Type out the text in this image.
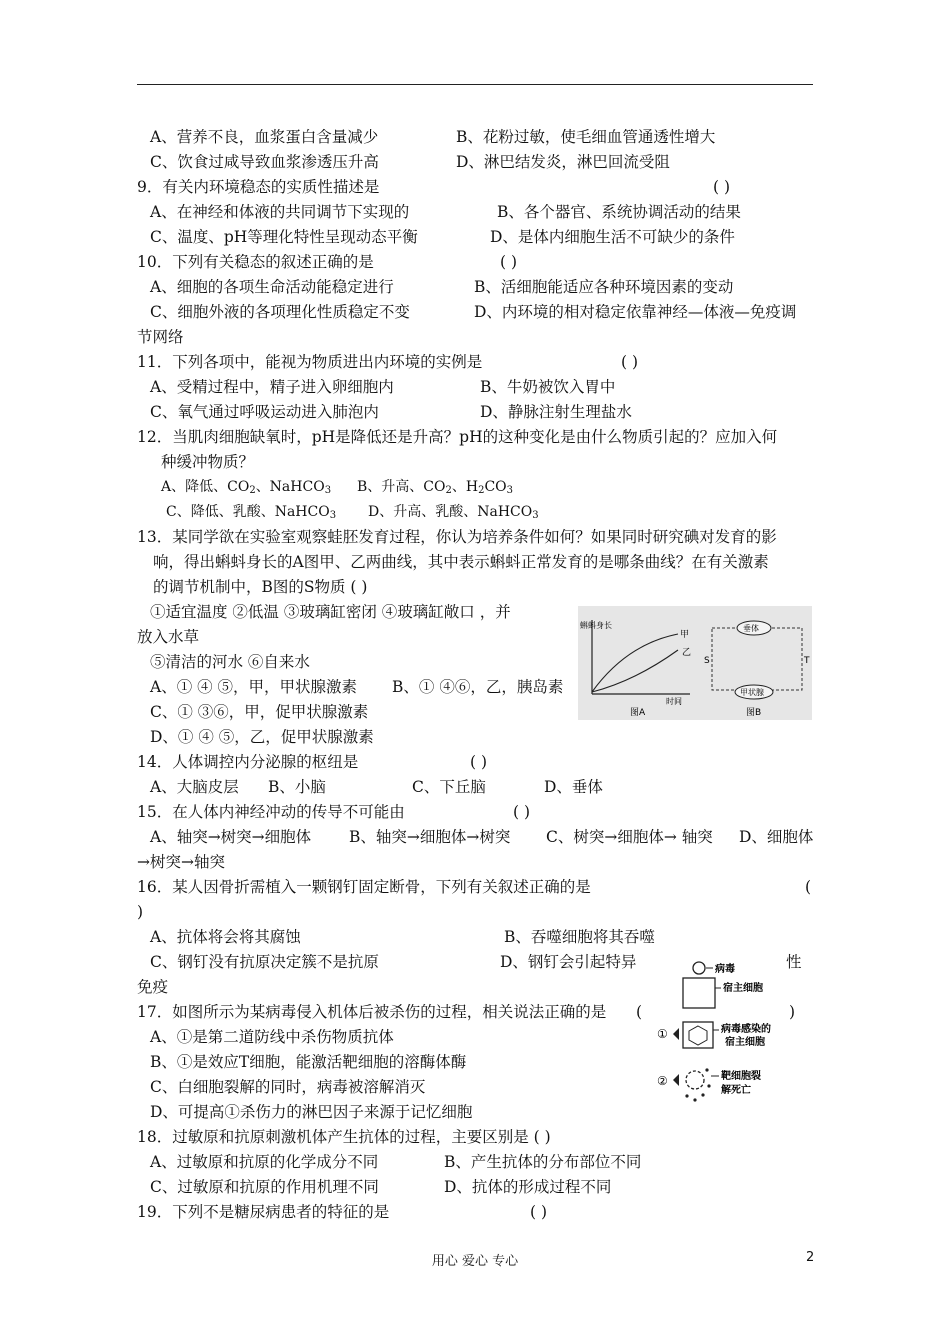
A、营养不良，血浆蛋白含量减少	B、花粉过敏，使毛细血管通透性增大
C、饮食过咸导致血浆渗透压升高	D、淋巴结发炎，淋巴回流受阻
9．有关内环境稳态的实质性描述是	( )
A、在神经和体液的共同调节下实现的	B、各个器官、系统协调活动的结果
C、温度、pH等理化特性呈现动态平衡	D、是体内细胞生活不可缺少的条件
10．下列有关稳态的叙述正确的是	( )
A、细胞的各项生命活动能稳定进行	B、活细胞能适应各种环境因素的变动
C、细胞外液的各项理化性质稳定不变	D、内环境的相对稳定依靠神经—体液—免疫调
节网络
11．下列各项中，能视为物质进出内环境的实例是	( )
A、受精过程中，精子进入卵细胞内	B、牛奶被饮入胃中
C、氧气通过呼吸运动进入肺泡内	D、静脉注射生理盐水
12．当肌肉细胞缺氧时，pH是降低还是升高？pH的这种变化是由什么物质引起的？应加入何
种缓冲物质？
A、降低、$CO_2$、NaHCO$_3$ B、升高、$CO_2$、$H_2CO_3$
C、降低、乳酸、NaHCO$_3$ D、升高、乳酸、NaHCO$_3$
13．某同学欲在实验室观察蛙胚发育过程，你认为培养条件如何？如果同时研究碘对发育的影
响，得出蝌蚪身长的A图甲、乙两曲线，其中表示蝌蚪正常发育的是哪条曲线？在有关激素
的调节机制中，B图的S物质 ( )
①适宜温度 ②低温 ③玻璃缸密闭 ④玻璃缸敞口 ，并
放入水草
⑤清洁的河水 ⑥自来水
A、① ④ ⑤，甲，甲状腺激素 B、① ④⑥，乙，胰岛素
C、① ③⑥，甲，促甲状腺激素
D、① ④ ⑤，乙，促甲状腺激素
蝌蚪身长
甲
乙
时间
图A
垂体
甲状腺
S	T
图B
14．人体调控内分泌腺的枢纽是	( )
A、大脑皮层 B、小脑	C、下丘脑	D、垂体
15．在人体内神经冲动的传导不可能由	( )
A、轴突→树突→细胞体 B、轴突→细胞体→树突 C、树突→细胞体→ 轴突 D、细胞体
→树突→轴突
16．某人因骨折需植入一颗钢钉固定断骨，下列有关叙述正确的是	(
)
A、抗体将会将其腐蚀	B、吞噬细胞将其吞噬
C、钢钉没有抗原决定簇不是抗原	D、钢钉会引起特异	性
免疫
17．如图所示为某病毒侵入机体后被杀伤的过程，相关说法正确的是 (	)
A、①是第二道防线中杀伤物质抗体
B、①是效应T细胞，能激活靶细胞的溶酶体酶
C、白细胞裂解的同时，病毒被溶解消灭
D、可提高①杀伤力的淋巴因子来源于记忆细胞
病毒
宿主细胞
①	病毒感染的
宿主细胞
②	靶细胞裂
解死亡
18．过敏原和抗原刺激机体产生抗体的过程，主要区别是 ( )
A、过敏原和抗原的化学成分不同	B、产生抗体的分布部位不同
C、过敏原和抗原的作用机理不同	D、抗体的形成过程不同
19．下列不是糖尿病患者的特征的是	( )
用心 爱心 专心	2
